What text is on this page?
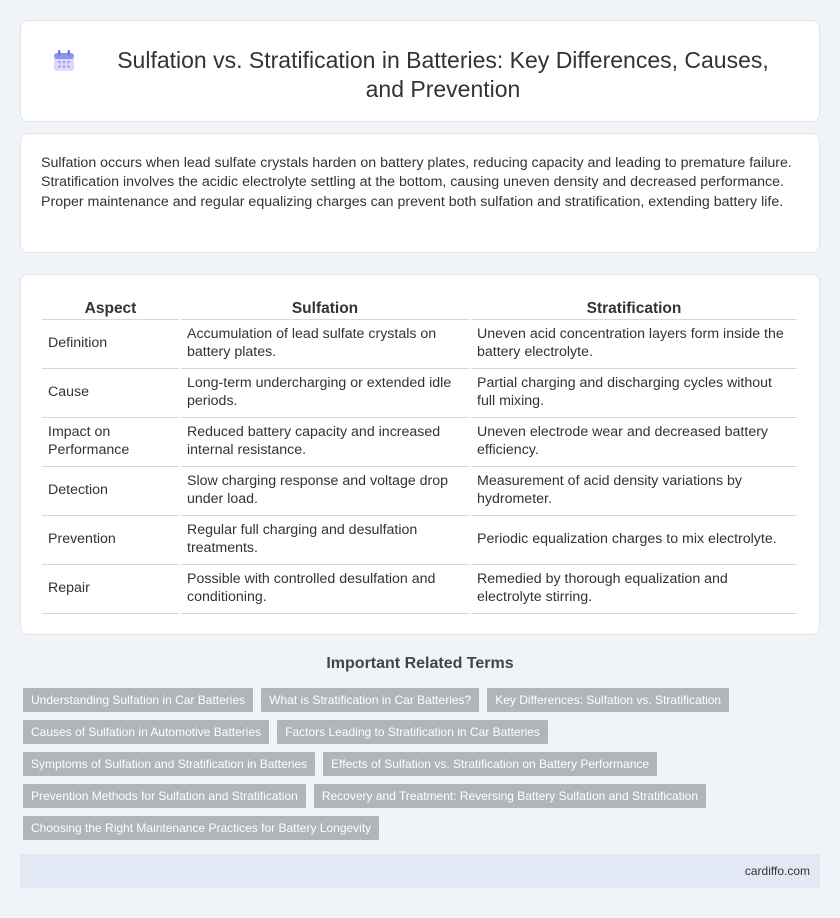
Sulfation vs. Stratification in Batteries: Key Differences, Causes, and Prevention

Sulfation occurs when lead sulfate crystals harden on battery plates, reducing capacity and leading to premature failure. Stratification involves the acidic electrolyte settling at the bottom, causing uneven density and decreased performance. Proper maintenance and regular equalizing charges can prevent both sulfation and stratification, extending battery life.

Aspect	Sulfation	Stratification
Definition	Accumulation of lead sulfate crystals on battery plates.	Uneven acid concentration layers form inside the battery electrolyte.
Cause	Long-term undercharging or extended idle periods.	Partial charging and discharging cycles without full mixing.
Impact on Performance	Reduced battery capacity and increased internal resistance.	Uneven electrode wear and decreased battery efficiency.
Detection	Slow charging response and voltage drop under load.	Measurement of acid density variations by hydrometer.
Prevention	Regular full charging and desulfation treatments.	Periodic equalization charges to mix electrolyte.
Repair	Possible with controlled desulfation and conditioning.	Remedied by thorough equalization and electrolyte stirring.
Important Related Terms
Understanding Sulfation in Car Batteries	What is Stratification in Car Batteries?	Key Differences: Sulfation vs. Stratification
Causes of Sulfation in Automotive Batteries	Factors Leading to Stratification in Car Batteries
Symptoms of Sulfation and Stratification in Batteries	Effects of Sulfation vs. Stratification on Battery Performance
Prevention Methods for Sulfation and Stratification	Recovery and Treatment: Reversing Battery Sulfation and Stratification
Choosing the Right Maintenance Practices for Battery Longevity
cardiffo.com
